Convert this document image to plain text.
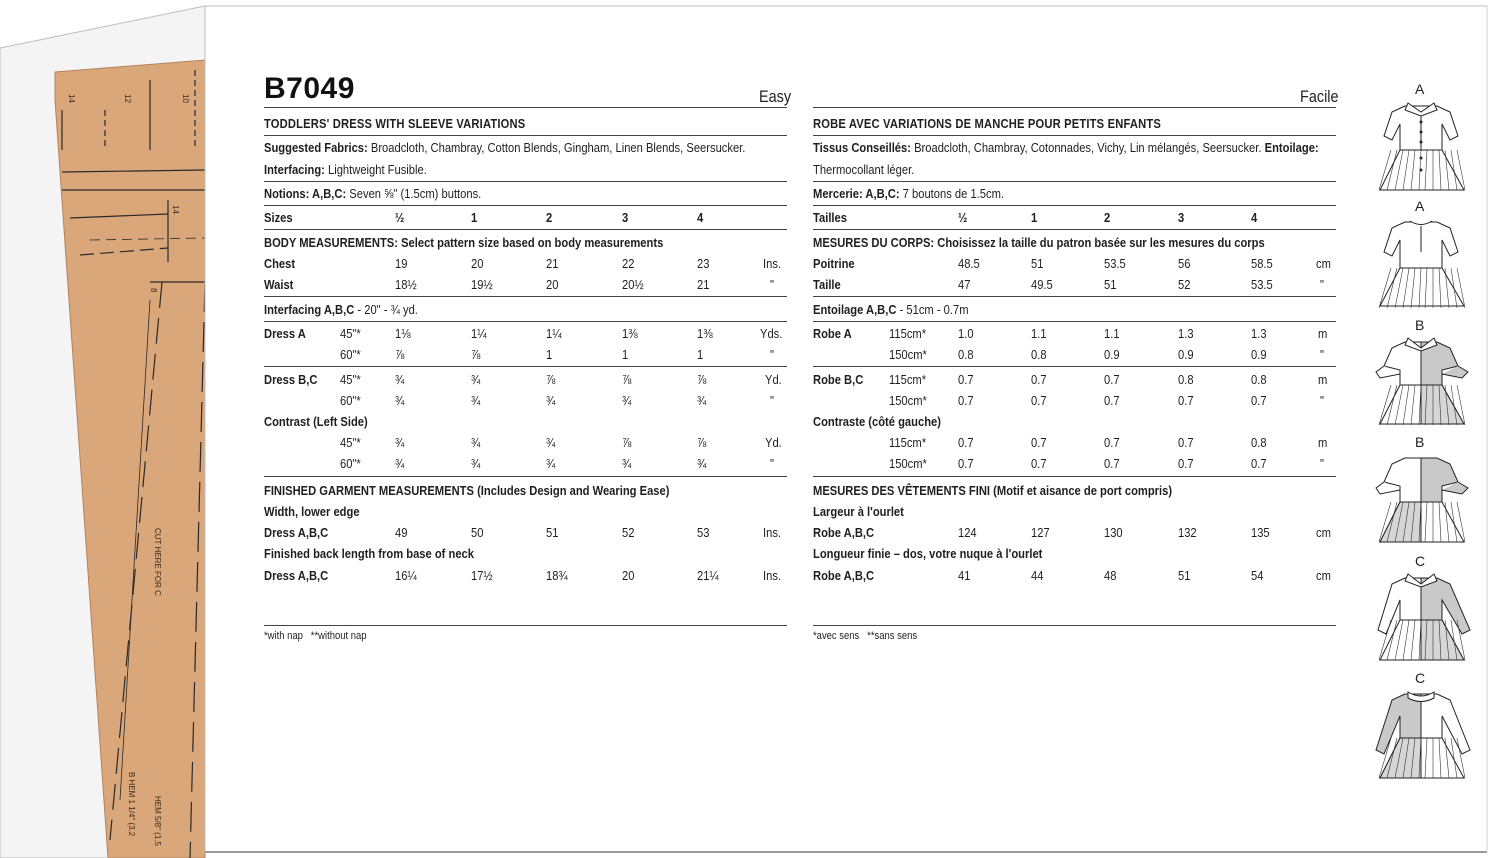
14	12	10
14
8
CUT HERE FOR C
B HEM 1 1/4" (3.2 HEM 5/8" (1.5
B7049	Easy
TODDLERS' DRESS WITH SLEEVE VARIATIONS
Suggested Fabrics: Broadcloth, Chambray, Cotton Blends, Gingham, Linen Blends, Seersucker.
Interfacing: Lightweight Fusible.
Notions: A,B,C: Seven ⅝" (1.5cm) buttons.
Sizes	½	1	2	3	4
BODY MEASUREMENTS: Select pattern size based on body measurements
Chest	19	20	21	22	23	Ins.
Waist	18½	19½	20	20½	21	"
Interfacing A,B,C - 20" - ¾ yd.
Dress A	45"*	1⅛	1¼	1¼	1⅜	1⅜	Yds.
60"*	⅞	⅞	1	1	1	"
Dress B,C 45"*	¾	¾	⅞	⅞	⅞	Yd.
60"*	¾	¾	¾	¾	¾	"
Contrast (Left Side)
45"*	¾	¾	¾	⅞	⅞	Yd.
60"*	¾	¾	¾	¾	¾	"
FINISHED GARMENT MEASUREMENTS (Includes Design and Wearing Ease)
Width, lower edge
Dress A,B,C	49	50	51	52	53	Ins.
Finished back length from base of neck
Dress A,B,C	16¼	17½	18¾	20	21¼	Ins.
*with nap   **without nap
Facile
ROBE AVEC VARIATIONS DE MANCHE POUR PETITS ENFANTS
Tissus Conseillés: Broadcloth, Chambray, Cotonnades, Vichy, Lin mélangés, Seersucker. Entoilage:
Thermocollant léger.
Mercerie: A,B,C: 7 boutons de 1.5cm.
Tailles	½	1	2	3	4
MESURES DU CORPS: Choisissez la taille du patron basée sur les mesures du corps
Poitrine	48.5	51	53.5	56	58.5	cm
Taille	47	49.5	51	52	53.5	"
Entoilage A,B,C - 51cm - 0.7m
Robe A	115cm* 1.0	1.1	1.1	1.3	1.3	m
150cm* 0.8	0.8	0.9	0.9	0.9	"
Robe B,C 115cm* 0.7	0.7	0.7	0.8	0.8	m
150cm* 0.7	0.7	0.7	0.7	0.7	"
Contraste (côté gauche)
115cm* 0.7	0.7	0.7	0.7	0.8	m
150cm* 0.7	0.7	0.7	0.7	0.7	"
MESURES DES VÊTEMENTS FINI (Motif et aisance de port compris)
Largeur à l'ourlet
Robe A,B,C	124	127	130	132	135	cm
Longueur finie – dos, votre nuque à l'ourlet
Robe A,B,C	41	44	48	51	54	cm
*avec sens   **sans sens
A
A
B
B
C
C
